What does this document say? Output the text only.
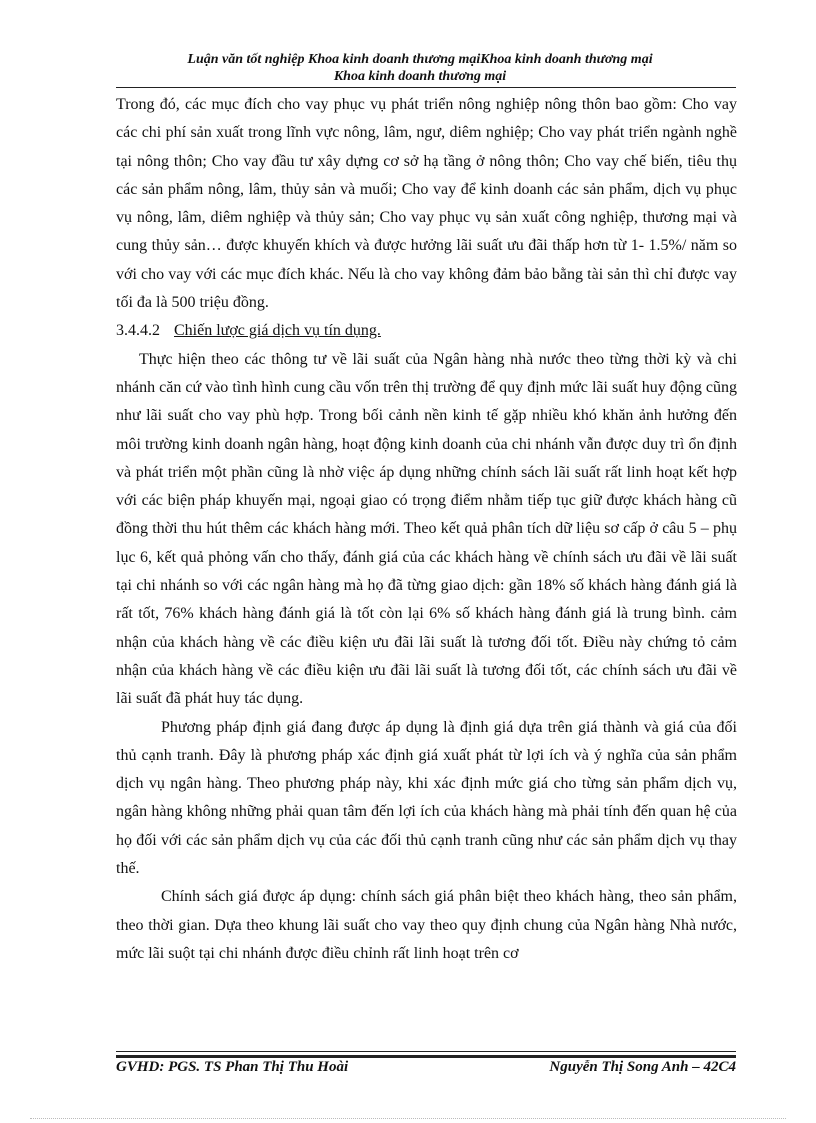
Luận văn tốt nghiệp Khoa kinh doanh thương mạiKhoa kinh doanh thương mại
Khoa kinh doanh thương mại

Trong đó, các mục đích cho vay phục vụ phát triển nông nghiệp nông thôn bao gồm: Cho vay các chi phí sản xuất trong lĩnh vực nông, lâm, ngư, diêm nghiệp; Cho vay phát triển ngành nghề tại nông thôn; Cho vay đầu tư xây dựng cơ sở hạ tầng ở nông thôn; Cho vay chế biến, tiêu thụ các sản phẩm nông, lâm, thủy sản và muối; Cho vay để kinh doanh các sản phẩm, dịch vụ phục vụ nông, lâm, diêm nghiệp và thủy sản; Cho vay phục vụ sản xuất công nghiệp, thương mại và cung thủy sản… được khuyến khích và được hưởng lãi suất ưu đãi thấp hơn từ 1- 1.5%/ năm so với cho vay với các mục đích khác. Nếu là cho vay không đảm bảo bằng tài sản thì chỉ được vay tối đa là 500 triệu đồng.

3.4.4.2 Chiến lược giá dịch vụ tín dụng.

Thực hiện theo các thông tư về lãi suất của Ngân hàng nhà nước theo từng thời kỳ và chi nhánh căn cứ vào tình hình cung cầu vốn trên thị trường để quy định mức lãi suất huy động cũng như lãi suất cho vay phù hợp. Trong bối cảnh nền kinh tế gặp nhiều khó khăn ảnh hưởng đến môi trường kinh doanh ngân hàng, hoạt động kinh doanh của chi nhánh vẫn được duy trì ổn định và phát triển một phần cũng là nhờ việc áp dụng những chính sách lãi suất rất linh hoạt kết hợp với các biện pháp khuyến mại, ngoại giao có trọng điểm nhằm tiếp tục giữ được khách hàng cũ đồng thời thu hút thêm các khách hàng mới. Theo kết quả phân tích dữ liệu sơ cấp ở câu 5 – phụ lục 6, kết quả phỏng vấn cho thấy, đánh giá của các khách hàng về chính sách ưu đãi về lãi suất tại chi nhánh so với các ngân hàng mà họ đã từng giao dịch: gần 18% số khách hàng đánh giá là rất tốt, 76% khách hàng đánh giá là tốt còn lại 6% số khách hàng đánh giá là trung bình. cảm nhận của khách hàng về các điều kiện ưu đãi lãi suất là tương đối tốt. Điều này chứng tỏ cảm nhận của khách hàng về các điều kiện ưu đãi lãi suất là tương đối tốt, các chính sách ưu đãi về lãi suất đã phát huy tác dụng.

Phương pháp định giá đang được áp dụng là định giá dựa trên giá thành và giá của đối thủ cạnh tranh. Đây là phương pháp xác định giá xuất phát từ lợi ích và ý nghĩa của sản phẩm dịch vụ ngân hàng. Theo phương pháp này, khi xác định mức giá cho từng sản phẩm dịch vụ, ngân hàng không những phải quan tâm đến lợi ích của khách hàng mà phải tính đến quan hệ của họ đối với các sản phẩm dịch vụ của các đối thủ cạnh tranh cũng như các sản phẩm dịch vụ thay thế.

Chính sách giá được áp dụng: chính sách giá phân biệt theo khách hàng, theo sản phẩm, theo thời gian. Dựa theo khung lãi suất cho vay theo quy định chung của Ngân hàng Nhà nước, mức lãi suột tại chi nhánh được điều chỉnh rất linh hoạt trên cơ

GVHD: PGS. TS Phan Thị Thu Hoài	Nguyễn Thị Song Anh – 42C4
